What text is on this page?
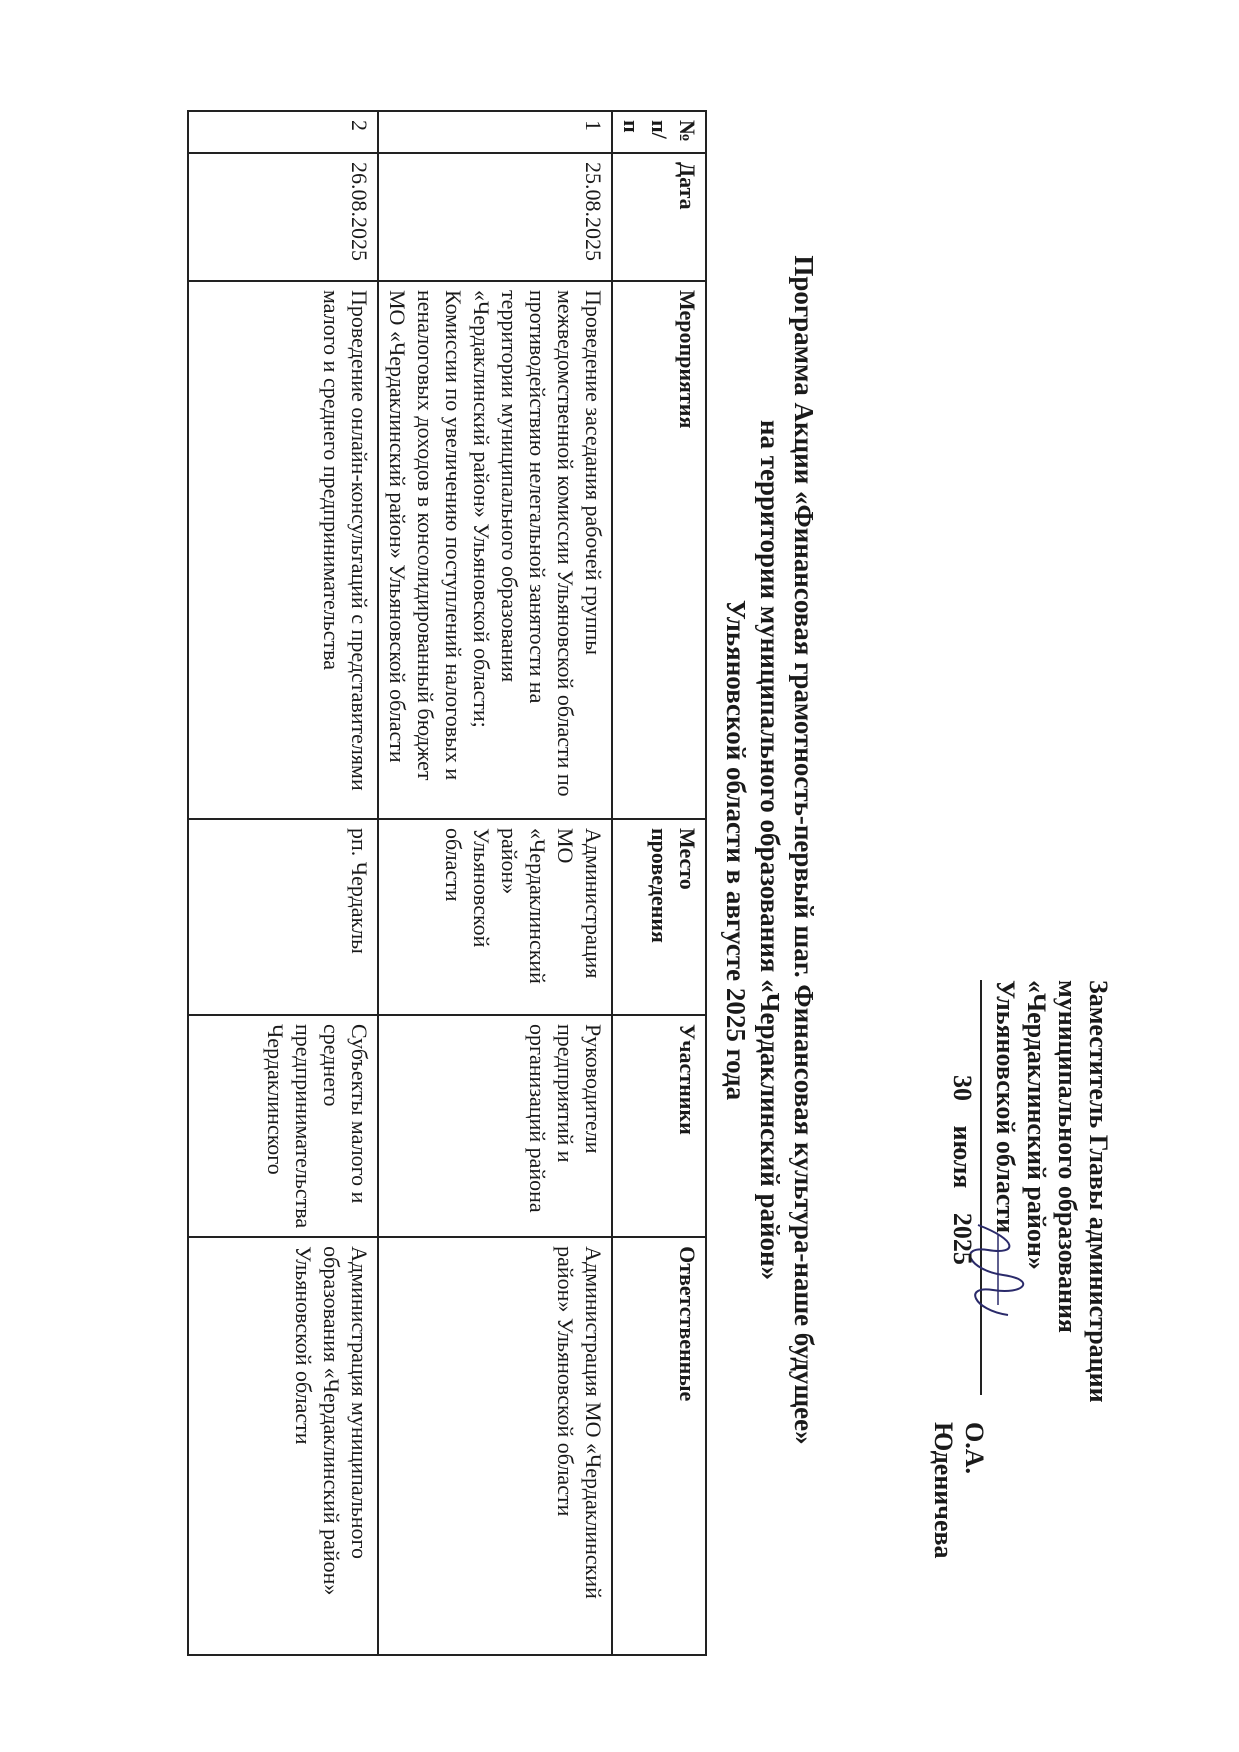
Заместитель Главы администрации
муниципального образования
«Чердаклинский район»
Ульяновской области
30 июля 2025
О.А. Юденичева
Программа Акции «Финансовая грамотность-первый шаг. Финансовая культура-наше будущее»
на территории муниципального образования «Чердаклинский район»
Ульяновской области в августе 2025 года
№ п/п	Дата	Мероприятия	Место проведения	Участники	Ответственные
1	25.08.2025	Проведение заседания рабочей группы межведомственной комиссии Ульяновской области по противодействию нелегальной занятости на территории муниципального образования «Чердаклинский район» Ульяновской области; Комиссии по увеличению поступлений налоговых и неналоговых доходов в консолидированный бюджет МО «Чердаклинский район» Ульяновской области	Администрация МО «Чердаклинский район» Ульяновской области	Руководители предприятий и организаций района	Администрация МО «Чердаклинский район» Ульяновской области
2	26.08.2025	Проведение онлайн-консультаций с представителями малого и среднего предпринимательства	рп. Чердаклы	Субъекты малого и среднего предпринимательства Чердаклинского	Администрация муниципального образования «Чердаклинский район» Ульяновской области
